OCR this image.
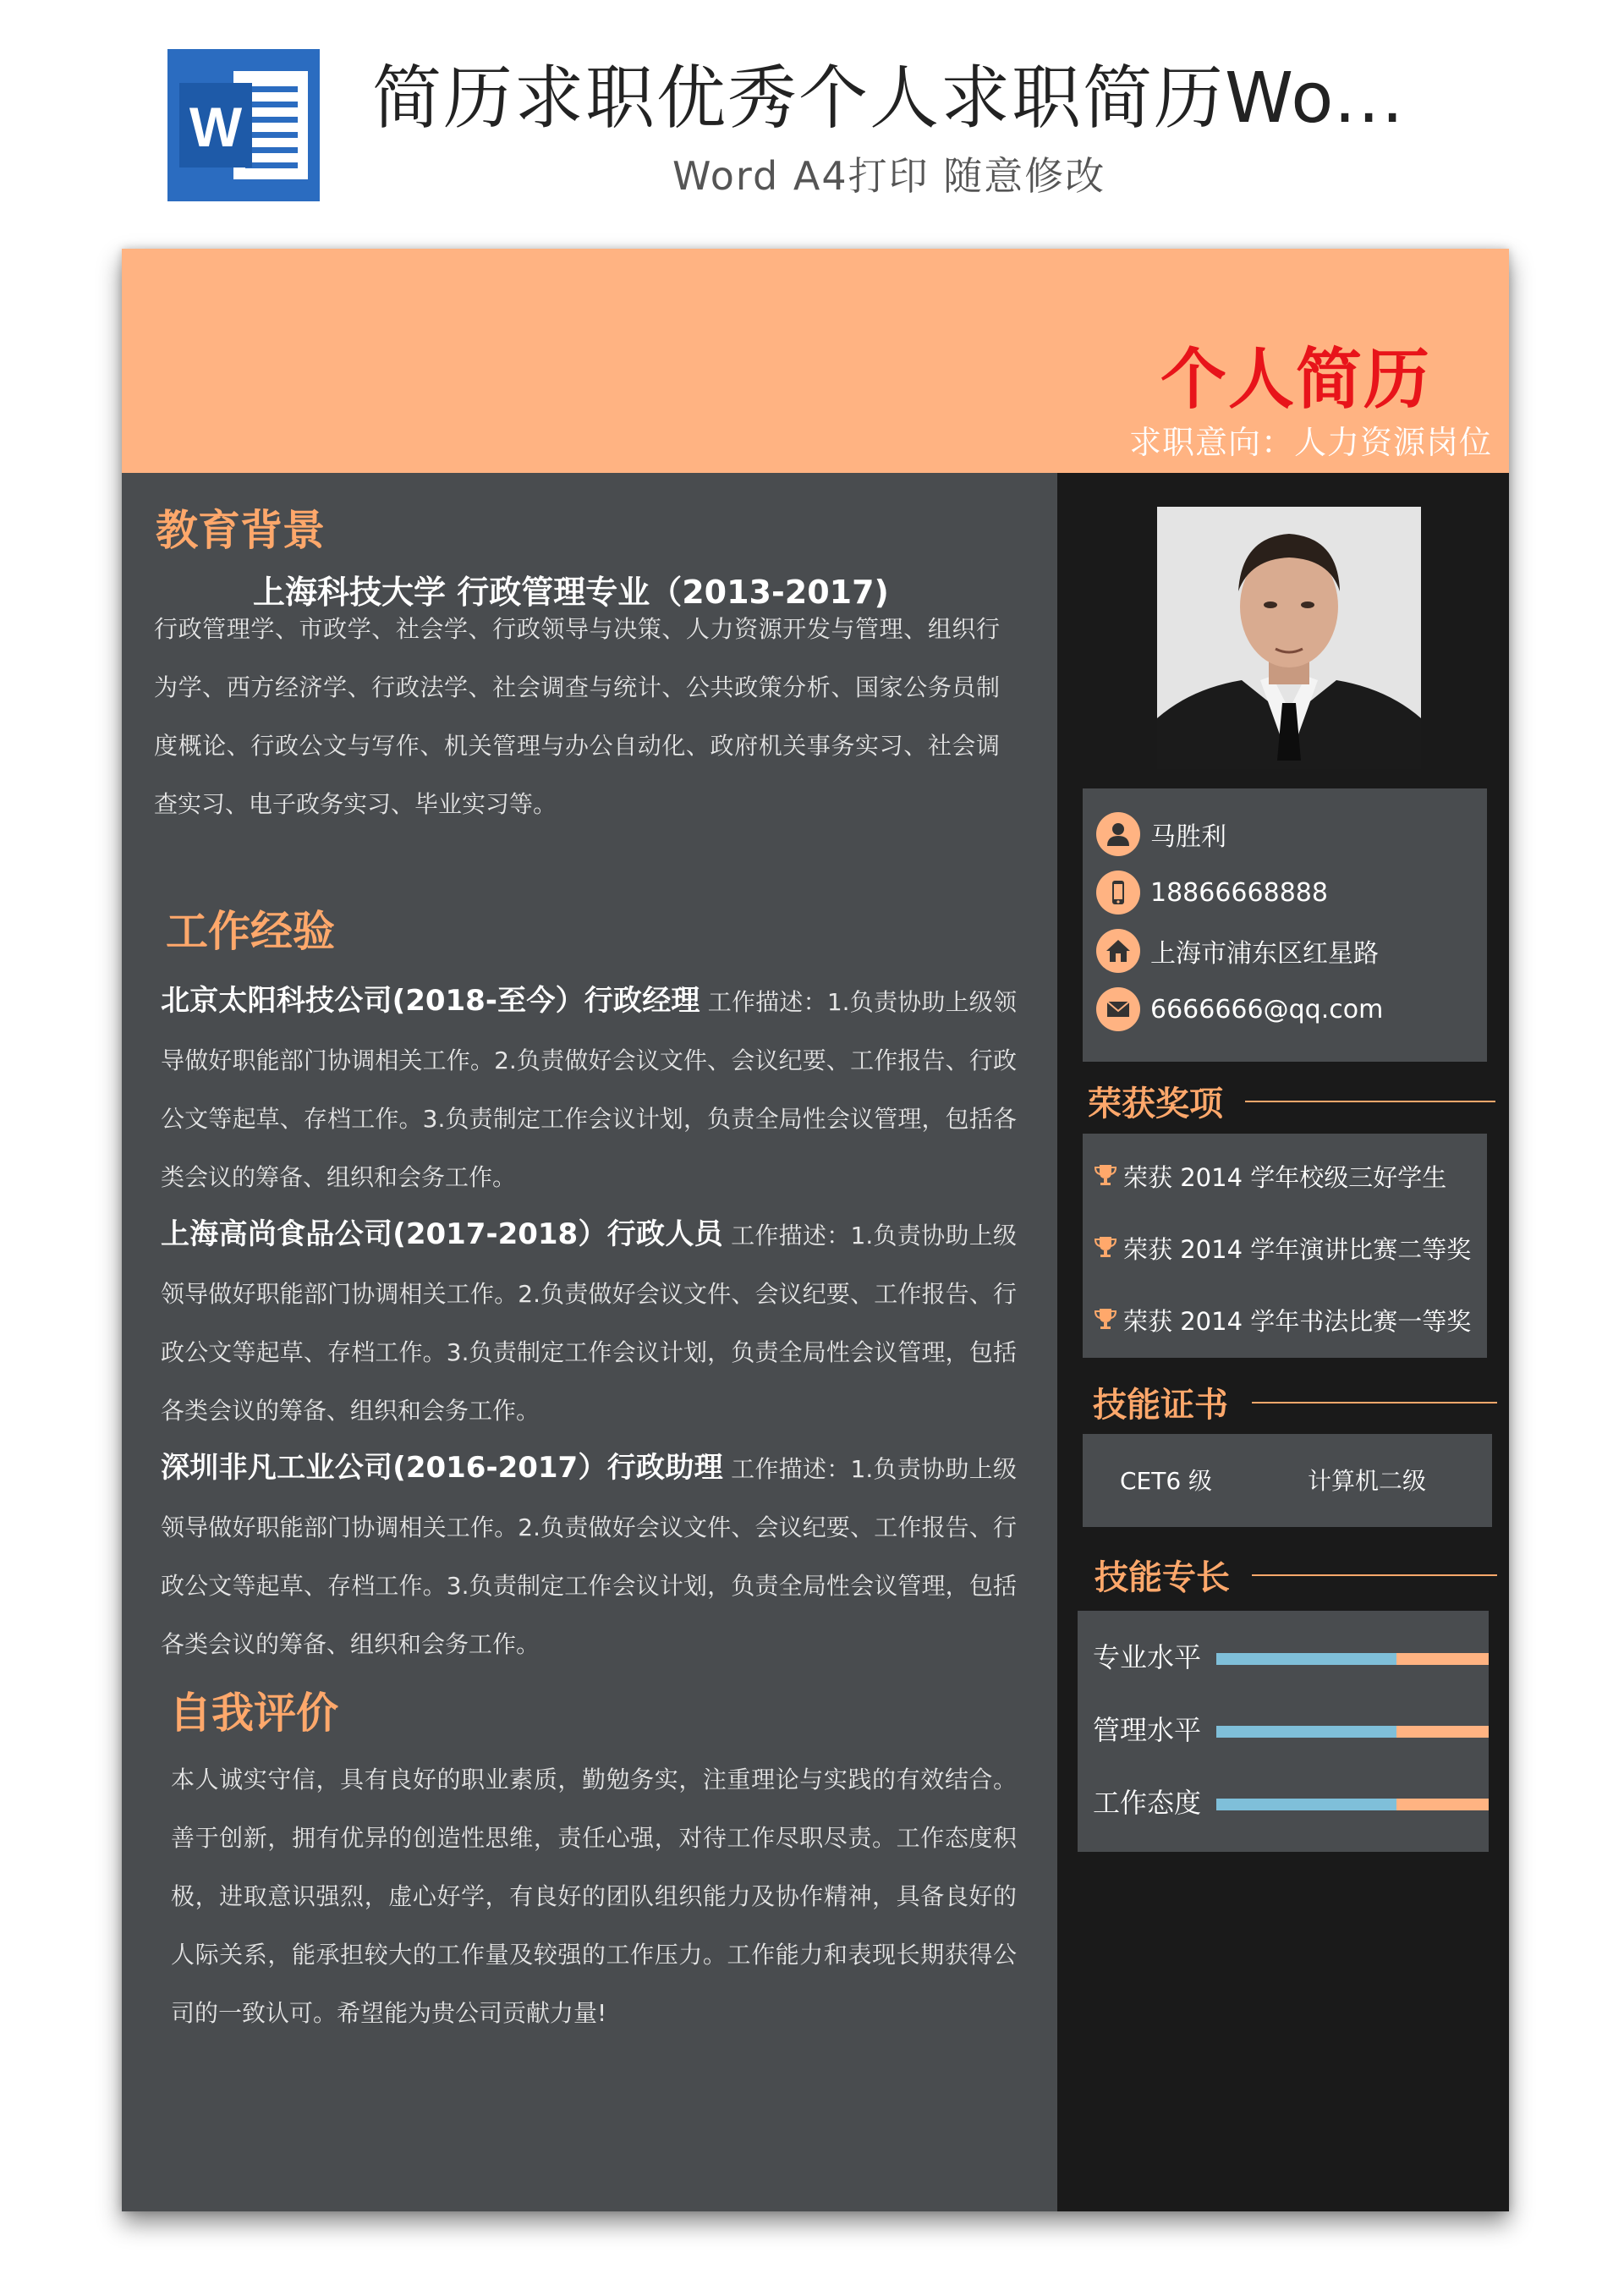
W 简历求职优秀个人求职简历Wo...
Word A4打印 随意修改
个人简历
求职意向：人力资源岗位
教育背景
上海科技大学 行政管理专业（2013-2017)
行政管理学、市政学、社会学、行政领导与决策、人力资源开发与管理、组织行为学、西方经济学、行政法学、社会调查与统计、公共政策分析、国家公务员制度概论、行政公文与写作、机关管理与办公自动化、政府机关事务实习、社会调查实习、电子政务实习、毕业实习等。
工作经验
北京太阳科技公司(2018-至今）行政经理 工作描述：1.负责协助上级领导做好职能部门协调相关工作。2.负责做好会议文件、会议纪要、工作报告、行政公文等起草、存档工作。3.负责制定工作会议计划，负责全局性会议管理，包括各类会议的筹备、组织和会务工作。
上海高尚食品公司(2017-2018）行政人员 工作描述：1.负责协助上级领导做好职能部门协调相关工作。2.负责做好会议文件、会议纪要、工作报告、行政公文等起草、存档工作。3.负责制定工作会议计划，负责全局性会议管理，包括各类会议的筹备、组织和会务工作。
深圳非凡工业公司(2016-2017）行政助理 工作描述：1.负责协助上级领导做好职能部门协调相关工作。2.负责做好会议文件、会议纪要、工作报告、行政公文等起草、存档工作。3.负责制定工作会议计划，负责全局性会议管理，包括各类会议的筹备、组织和会务工作。
自我评价
本人诚实守信，具有良好的职业素质，勤勉务实，注重理论与实践的有效结合。善于创新，拥有优异的创造性思维，责任心强，对待工作尽职尽责。工作态度积极，进取意识强烈，虚心好学，有良好的团队组织能力及协作精神，具备良好的人际关系，能承担较大的工作量及较强的工作压力。工作能力和表现长期获得公司的一致认可。希望能为贵公司贡献力量!
马胜利
18866668888
上海市浦东区红星路
6666666@qq.com
荣获奖项
荣获 2014 学年校级三好学生
荣获 2014 学年演讲比赛二等奖
荣获 2014 学年书法比赛一等奖
技能证书
CET6 级	计算机二级
技能专长
专业水平
管理水平
工作态度
